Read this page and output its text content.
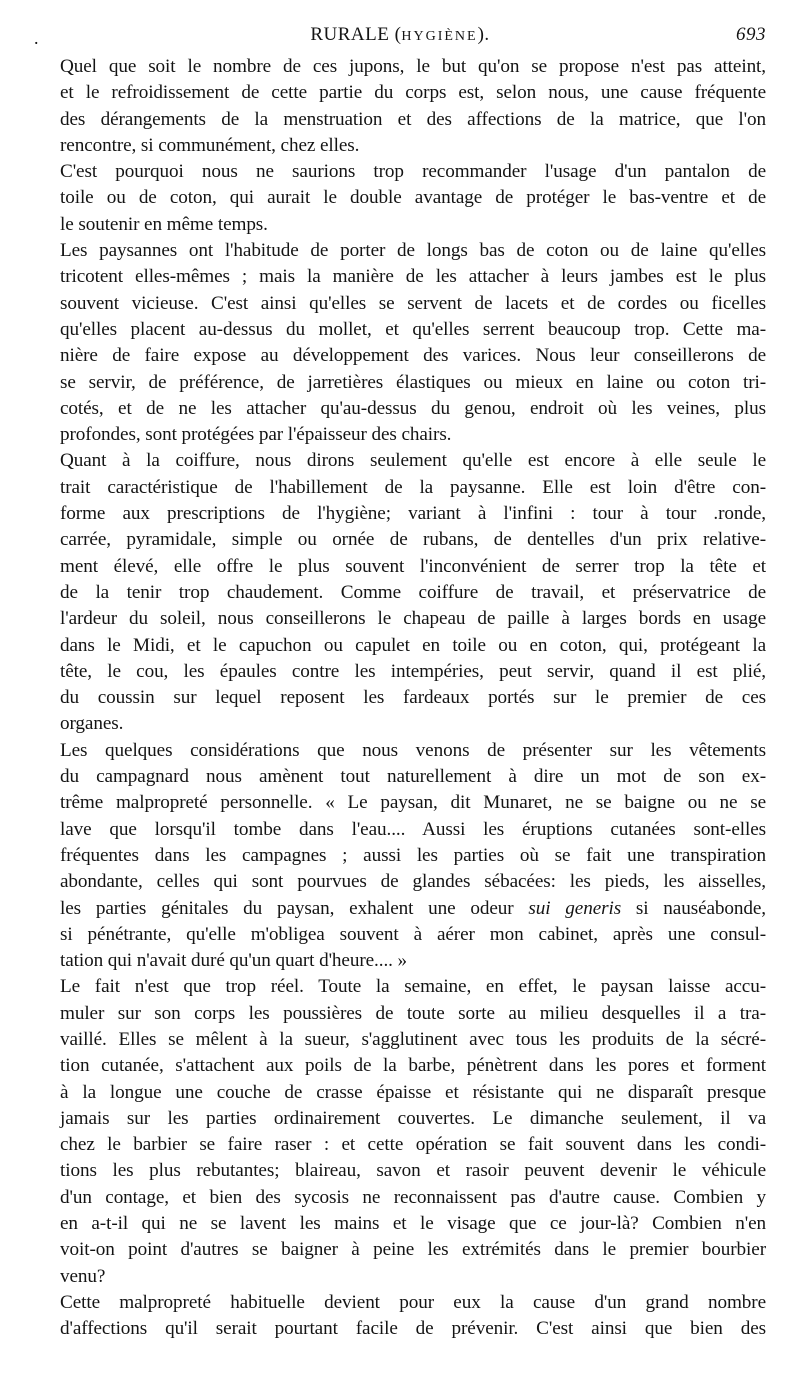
.	RURALE (HYGIÈNE).	693

Quel que soit le nombre de ces jupons, le but qu'on se propose n'est pas atteint,
et le refroidissement de cette partie du corps est, selon nous, une cause fréquente
des dérangements de la menstruation et des affections de la matrice, que l'on
rencontre, si communément, chez elles.

C'est pourquoi nous ne saurions trop recommander l'usage d'un pantalon de
toile ou de coton, qui aurait le double avantage de protéger le bas-ventre et de
le soutenir en même temps.

Les paysannes ont l'habitude de porter de longs bas de coton ou de laine qu'elles
tricotent elles-mêmes ; mais la manière de les attacher à leurs jambes est le plus
souvent vicieuse. C'est ainsi qu'elles se servent de lacets et de cordes ou ficelles
qu'elles placent au-dessus du mollet, et qu'elles serrent beaucoup trop. Cette ma-
nière de faire expose au développement des varices. Nous leur conseillerons de
se servir, de préférence, de jarretières élastiques ou mieux en laine ou coton tri-
cotés, et de ne les attacher qu'au-dessus du genou, endroit où les veines, plus
profondes, sont protégées par l'épaisseur des chairs.

Quant à la coiffure, nous dirons seulement qu'elle est encore à elle seule le
trait caractéristique de l'habillement de la paysanne. Elle est loin d'être con-
forme aux prescriptions de l'hygiène; variant à l'infini : tour à tour .ronde,
carrée, pyramidale, simple ou ornée de rubans, de dentelles d'un prix relative-
ment élevé, elle offre le plus souvent l'inconvénient de serrer trop la tête et
de la tenir trop chaudement. Comme coiffure de travail, et préservatrice de
l'ardeur du soleil, nous conseillerons le chapeau de paille à larges bords en usage
dans le Midi, et le capuchon ou capulet en toile ou en coton, qui, protégeant la
tête, le cou, les épaules contre les intempéries, peut servir, quand il est plié,
du coussin sur lequel reposent les fardeaux portés sur le premier de ces
organes.

Les quelques considérations que nous venons de présenter sur les vêtements
du campagnard nous amènent tout naturellement à dire un mot de son ex-
trême malpropreté personnelle. « Le paysan, dit Munaret, ne se baigne ou ne se
lave que lorsqu'il tombe dans l'eau.... Aussi les éruptions cutanées sont-elles
fréquentes dans les campagnes ; aussi les parties où se fait une transpiration
abondante, celles qui sont pourvues de glandes sébacées: les pieds, les aisselles,
les parties génitales du paysan, exhalent une odeur sui generis si nauséabonde,
si pénétrante, qu'elle m'obligea souvent à aérer mon cabinet, après une consul-
tation qui n'avait duré qu'un quart d'heure.... »

Le fait n'est que trop réel. Toute la semaine, en effet, le paysan laisse accu-
muler sur son corps les poussières de toute sorte au milieu desquelles il a tra-
vaillé. Elles se mêlent à la sueur, s'agglutinent avec tous les produits de la sécré-
tion cutanée, s'attachent aux poils de la barbe, pénètrent dans les pores et forment
à la longue une couche de crasse épaisse et résistante qui ne disparaît presque
jamais sur les parties ordinairement couvertes. Le dimanche seulement, il va
chez le barbier se faire raser : et cette opération se fait souvent dans les condi-
tions les plus rebutantes; blaireau, savon et rasoir peuvent devenir le véhicule
d'un contage, et bien des sycosis ne reconnaissent pas d'autre cause. Combien y
en a-t-il qui ne se lavent les mains et le visage que ce jour-là? Combien n'en
voit-on point d'autres se baigner à peine les extrémités dans le premier bourbier
venu?

Cette malpropreté habituelle devient pour eux la cause d'un grand nombre
d'affections qu'il serait pourtant facile de prévenir. C'est ainsi que bien des
